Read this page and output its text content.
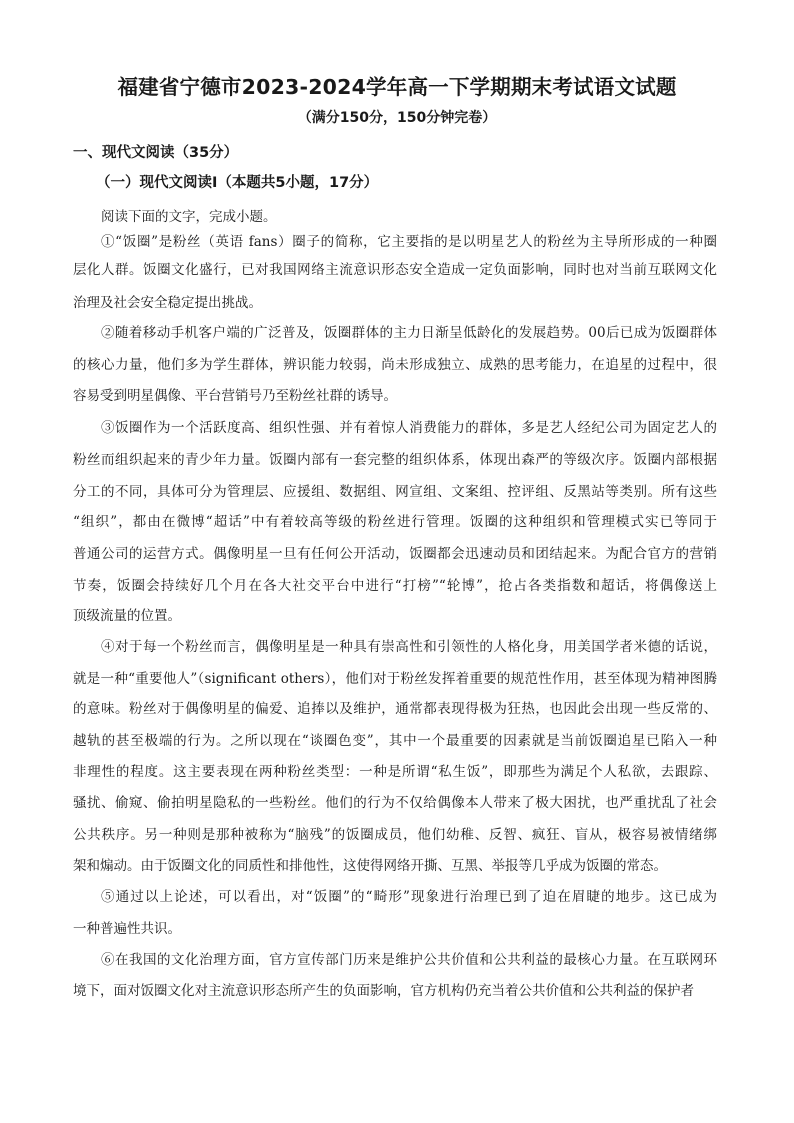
福建省宁德市2023-2024学年高一下学期期末考试语文试题
（满分150分，150分钟完卷）
一、现代文阅读（35分）
（一）现代文阅读Ⅰ（本题共5小题，17分）
阅读下面的文字，完成小题。
①“饭圈”是粉丝（英语 fans）圈子的简称，它主要指的是以明星艺人的粉丝为主导所形成的一种圈
层化人群。饭圈文化盛行，已对我国网络主流意识形态安全造成一定负面影响，同时也对当前互联网文化
治理及社会安全稳定提出挑战。
②随着移动手机客户端的广泛普及，饭圈群体的主力日渐呈低龄化的发展趋势。00后已成为饭圈群体
的核心力量，他们多为学生群体，辨识能力较弱，尚未形成独立、成熟的思考能力，在追星的过程中，很
容易受到明星偶像、平台营销号乃至粉丝社群的诱导。
③饭圈作为一个活跃度高、组织性强、并有着惊人消费能力的群体，多是艺人经纪公司为固定艺人的
粉丝而组织起来的青少年力量。饭圈内部有一套完整的组织体系，体现出森严的等级次序。饭圈内部根据
分工的不同，具体可分为管理层、应援组、数据组、网宣组、文案组、控评组、反黑站等类别。所有这些
“组织”，都由在微博“超话”中有着较高等级的粉丝进行管理。饭圈的这种组织和管理模式实已等同于
普通公司的运营方式。偶像明星一旦有任何公开活动，饭圈都会迅速动员和团结起来。为配合官方的营销
节奏，饭圈会持续好几个月在各大社交平台中进行“打榜”“轮博”，抢占各类指数和超话，将偶像送上
顶级流量的位置。
④对于每一个粉丝而言，偶像明星是一种具有崇高性和引领性的人格化身，用美国学者米德的话说，
就是一种“重要他人”（significant others），他们对于粉丝发挥着重要的规范性作用，甚至体现为精神图腾
的意味。粉丝对于偶像明星的偏爱、追捧以及维护，通常都表现得极为狂热，也因此会出现一些反常的、
越轨的甚至极端的行为。之所以现在“谈圈色变”，其中一个最重要的因素就是当前饭圈追星已陷入一种
非理性的程度。这主要表现在两种粉丝类型：一种是所谓“私生饭”，即那些为满足个人私欲，去跟踪、
骚扰、偷窥、偷拍明星隐私的一些粉丝。他们的行为不仅给偶像本人带来了极大困扰，也严重扰乱了社会
公共秩序。另一种则是那种被称为“脑残”的饭圈成员，他们幼稚、反智、疯狂、盲从，极容易被情绪绑
架和煽动。由于饭圈文化的同质性和排他性，这使得网络开撕、互黑、举报等几乎成为饭圈的常态。
⑤通过以上论述，可以看出，对“饭圈”的“畸形”现象进行治理已到了迫在眉睫的地步。这已成为
一种普遍性共识。
⑥在我国的文化治理方面，官方宣传部门历来是维护公共价值和公共利益的最核心力量。在互联网环
境下，面对饭圈文化对主流意识形态所产生的负面影响，官方机构仍充当着公共价值和公共利益的保护者
